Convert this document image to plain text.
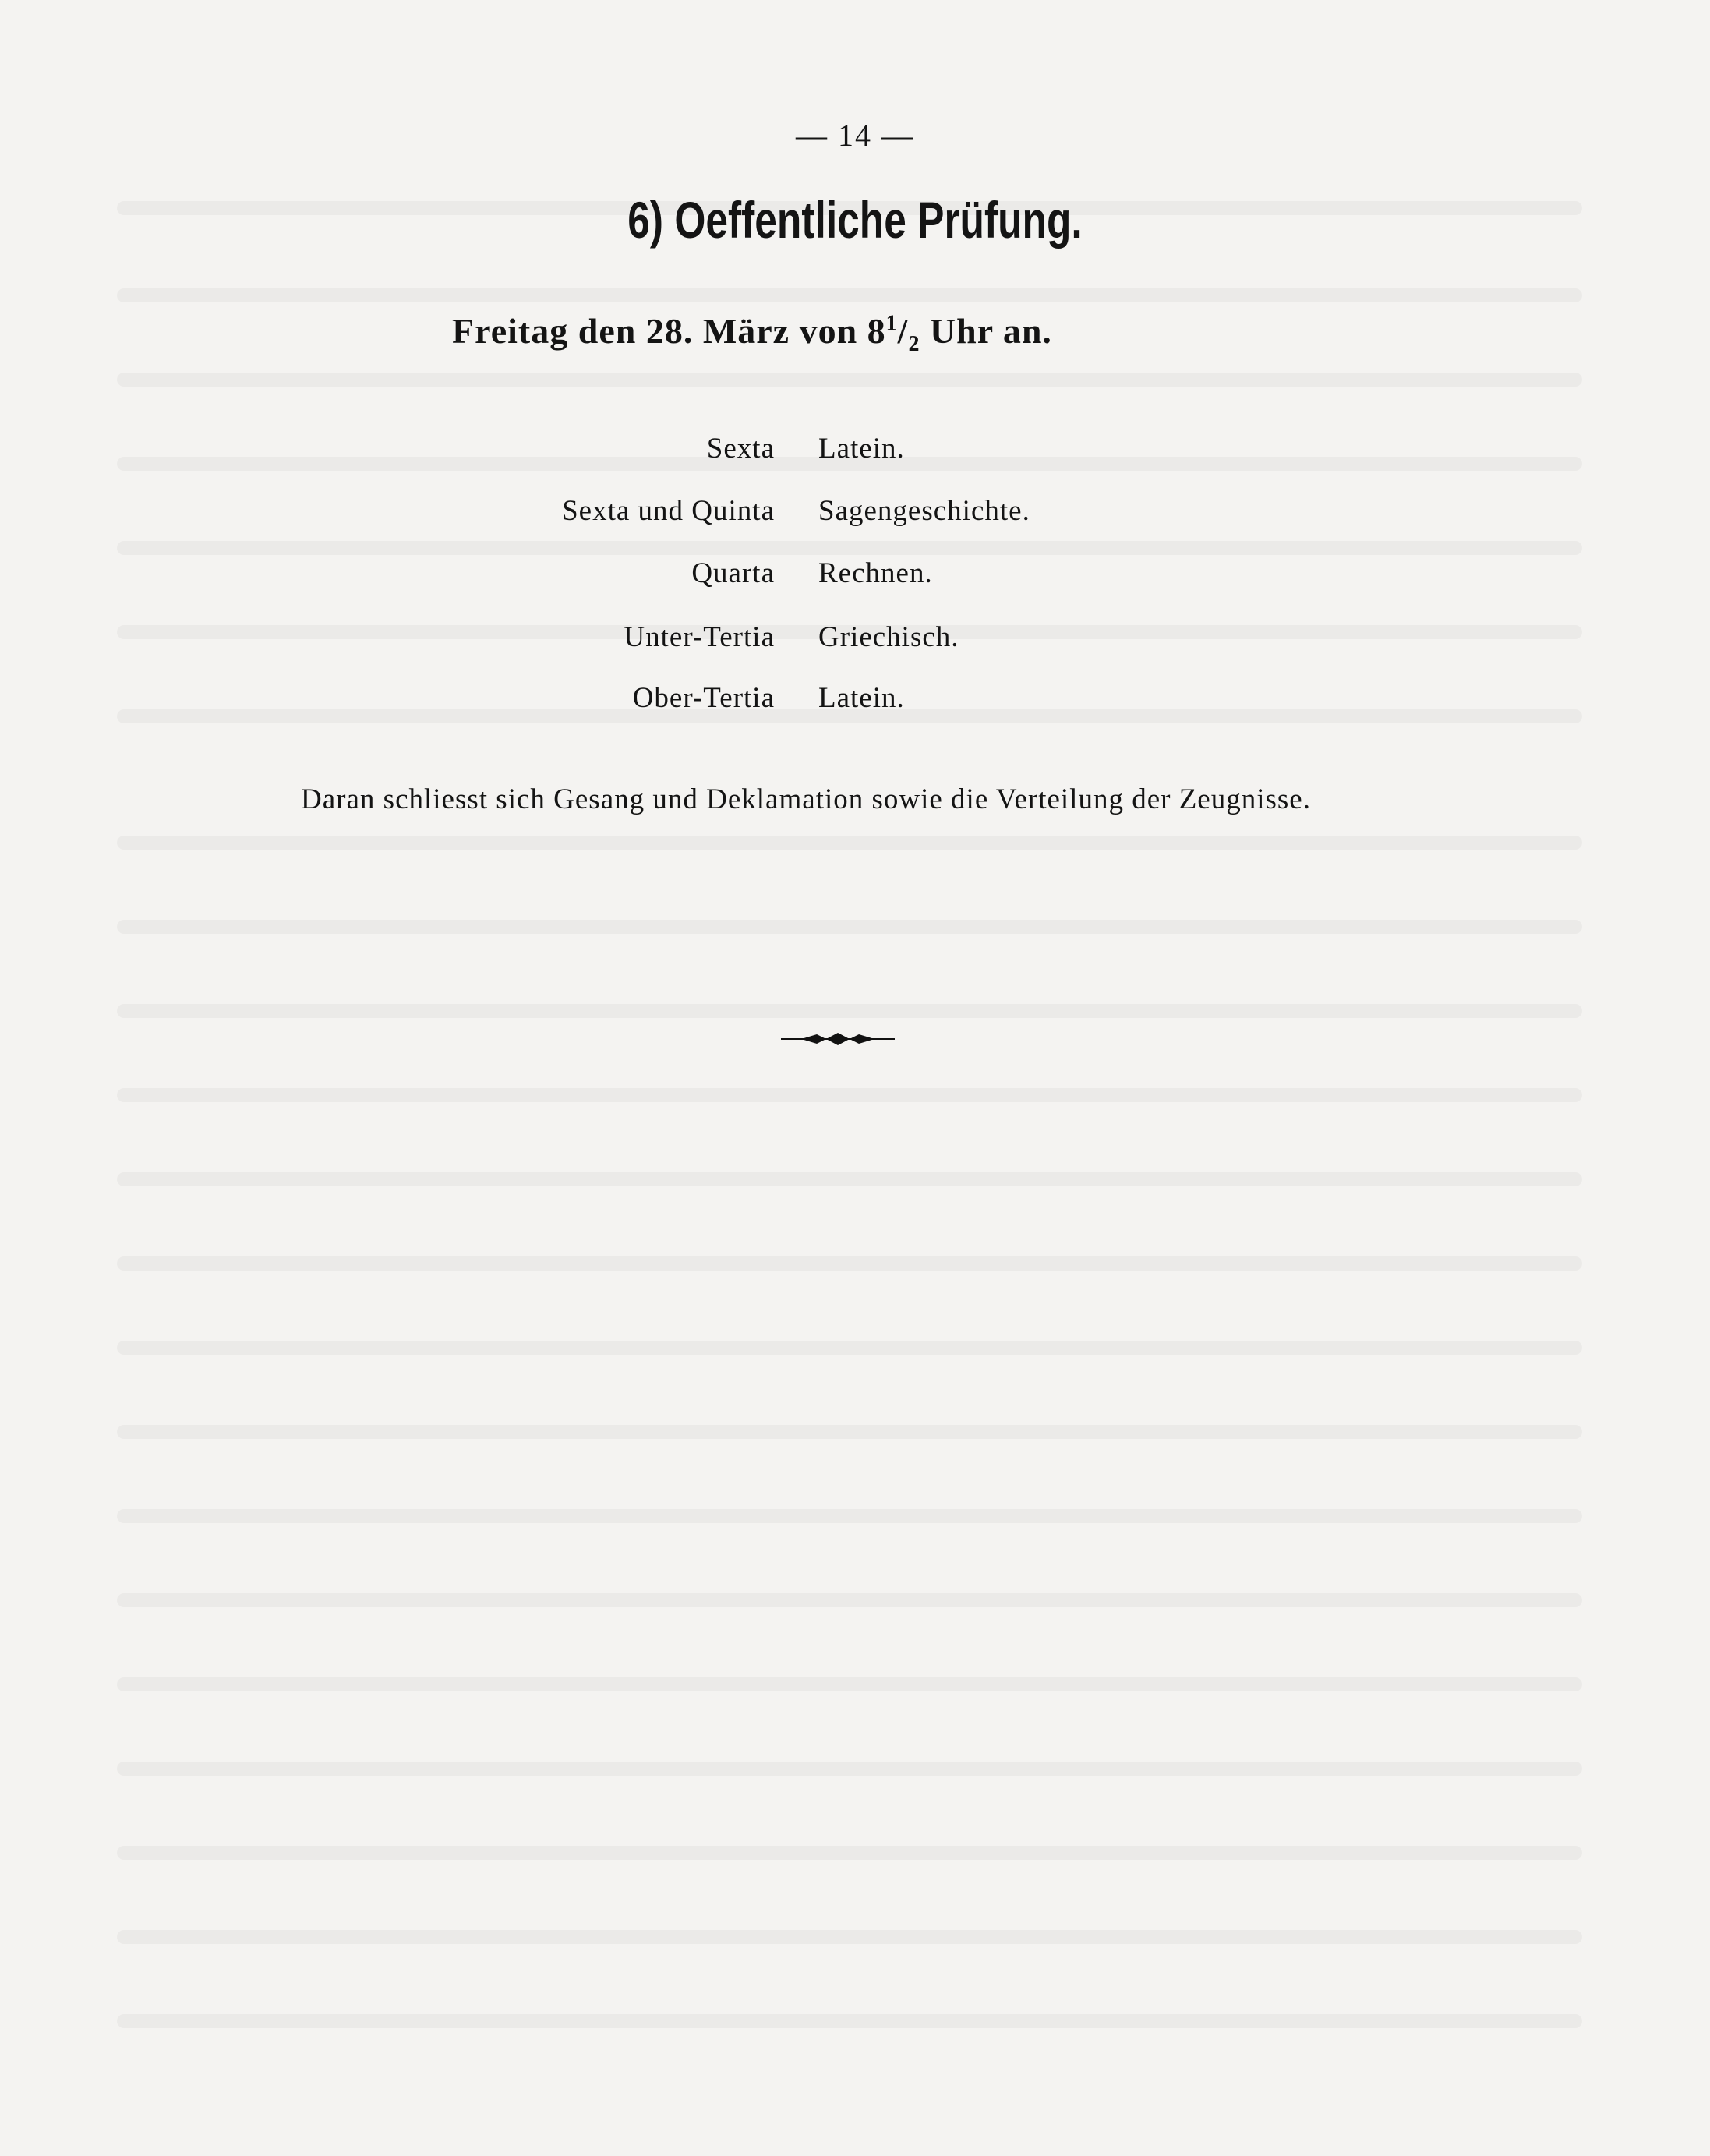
— 14 —
6) Oeffentliche Prüfung.
Freitag den 28. März von $8^1/_2$ Uhr an.
Sexta Latein.
Sexta und Quinta Sagengeschichte.
Quarta Rechnen.
Unter-Tertia Griechisch.
Ober-Tertia Latein.
Daran schliesst sich Gesang und Deklamation sowie die Verteilung der Zeugnisse.
